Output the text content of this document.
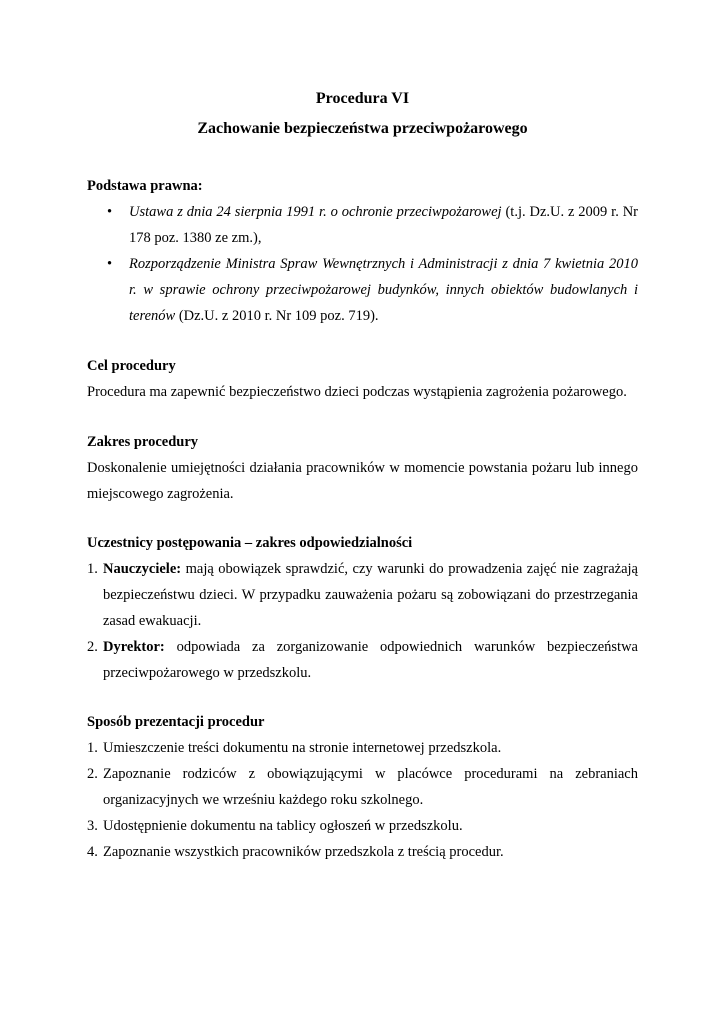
Procedura VI
Zachowanie bezpieczeństwa przeciwpożarowego
Podstawa prawna:
• Ustawa z dnia 24 sierpnia 1991 r. o ochronie przeciwpożarowej (t.j. Dz.U. z 2009 r. Nr 178 poz. 1380 ze zm.),
• Rozporządzenie Ministra Spraw Wewnętrznych i Administracji z dnia 7 kwietnia 2010 r. w sprawie ochrony przeciwpożarowej budynków, innych obiektów budowlanych i terenów (Dz.U. z 2010 r. Nr 109 poz. 719).
Cel procedury
Procedura ma zapewnić bezpieczeństwo dzieci podczas wystąpienia zagrożenia pożarowego.
Zakres procedury
Doskonalenie umiejętności działania pracowników w momencie powstania pożaru lub innego miejscowego zagrożenia.
Uczestnicy postępowania – zakres odpowiedzialności
1. Nauczyciele: mają obowiązek sprawdzić, czy warunki do prowadzenia zajęć nie zagrażają bezpieczeństwu dzieci. W przypadku zauważenia pożaru są zobowiązani do przestrzegania zasad ewakuacji.
2. Dyrektor: odpowiada za zorganizowanie odpowiednich warunków bezpieczeństwa przeciwpożarowego w przedszkolu.
Sposób prezentacji procedur
1. Umieszczenie treści dokumentu na stronie internetowej przedszkola.
2. Zapoznanie rodziców z obowiązującymi w placówce procedurami na zebraniach organizacyjnych we wrześniu każdego roku szkolnego.
3. Udostępnienie dokumentu na tablicy ogłoszeń w przedszkolu.
4. Zapoznanie wszystkich pracowników przedszkola z treścią procedur.
